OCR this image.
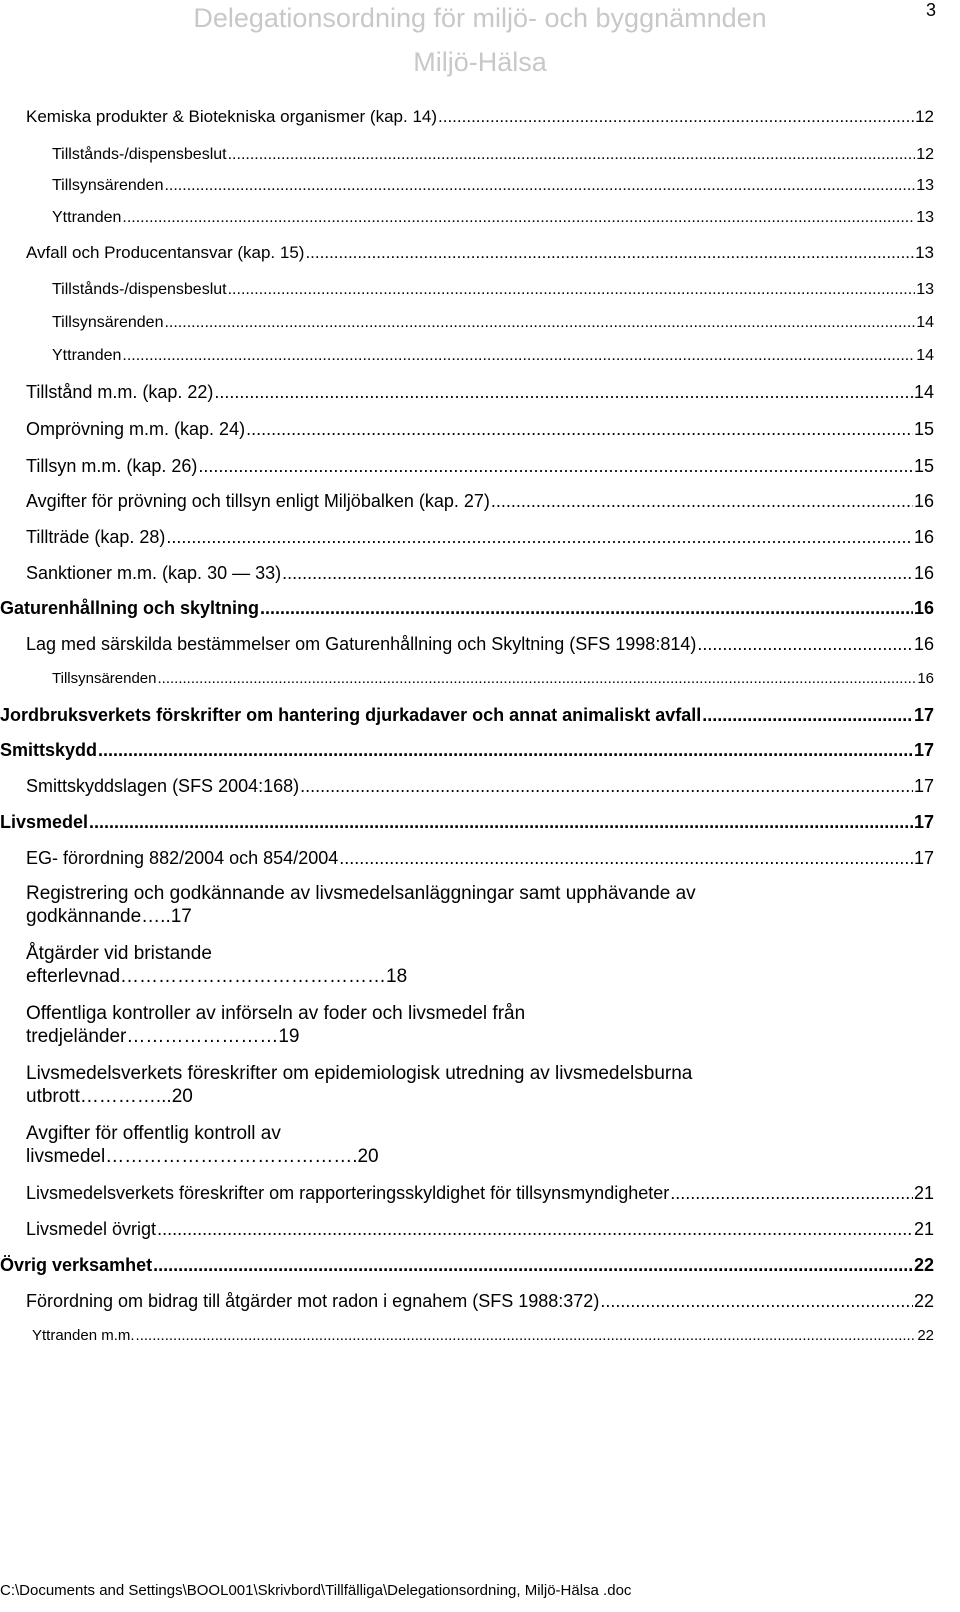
Delegationsordning för miljö- och byggnämnden
Miljö-Hälsa
3
Kemiska produkter & Biotekniska organismer (kap. 14) .....	12
Tillstånds-/dispensbeslut .....	12
Tillsynsärenden .....	13
Yttranden .....	13
Avfall och Producentansvar (kap. 15) .....	13
Tillstånds-/dispensbeslut .....	13
Tillsynsärenden .....	14
Yttranden .....	14
Tillstånd m.m. (kap. 22) .....	14
Omprövning m.m. (kap. 24) .....	15
Tillsyn m.m. (kap. 26) .....	15
Avgifter för prövning och tillsyn enligt Miljöbalken (kap. 27) .....	16
Tillträde (kap. 28) .....	16
Sanktioner m.m. (kap. 30 — 33) .....	16
Gaturenhållning och skyltning .....	16
Lag med särskilda bestämmelser om Gaturenhållning och Skyltning (SFS 1998:814) .....	16
Tillsynsärenden .....	16
Jordbruksverkets förskrifter om hantering djurkadaver och annat animaliskt avfall .....	17
Smittskydd .....	17
Smittskyddslagen (SFS 2004:168) .....	17
Livsmedel .....	17
EG- förordning 882/2004 och 854/2004 .....	17
Registrering och godkännande av livsmedelsanläggningar samt upphävande av
godkännande…..17
Åtgärder vid bristande
efterlevnad……………………………………18
Offentliga kontroller av införseln av foder och livsmedel från
tredjeländer……………………19
Livsmedelsverkets föreskrifter om epidemiologisk utredning av livsmedelsburna
utbrott…………...20
Avgifter för offentlig kontroll av
livsmedel………………………………….20
Livsmedelsverkets föreskrifter om rapporteringsskyldighet för tillsynsmyndigheter .....	21
Livsmedel övrigt .....	21
Övrig verksamhet .....	22
Förordning om bidrag till åtgärder mot radon i egnahem (SFS 1988:372) .....	22
Yttranden m.m. .....	22
C:\Documents and Settings\BOOL001\Skrivbord\Tillfälliga\Delegationsordning, Miljö-Hälsa .doc
